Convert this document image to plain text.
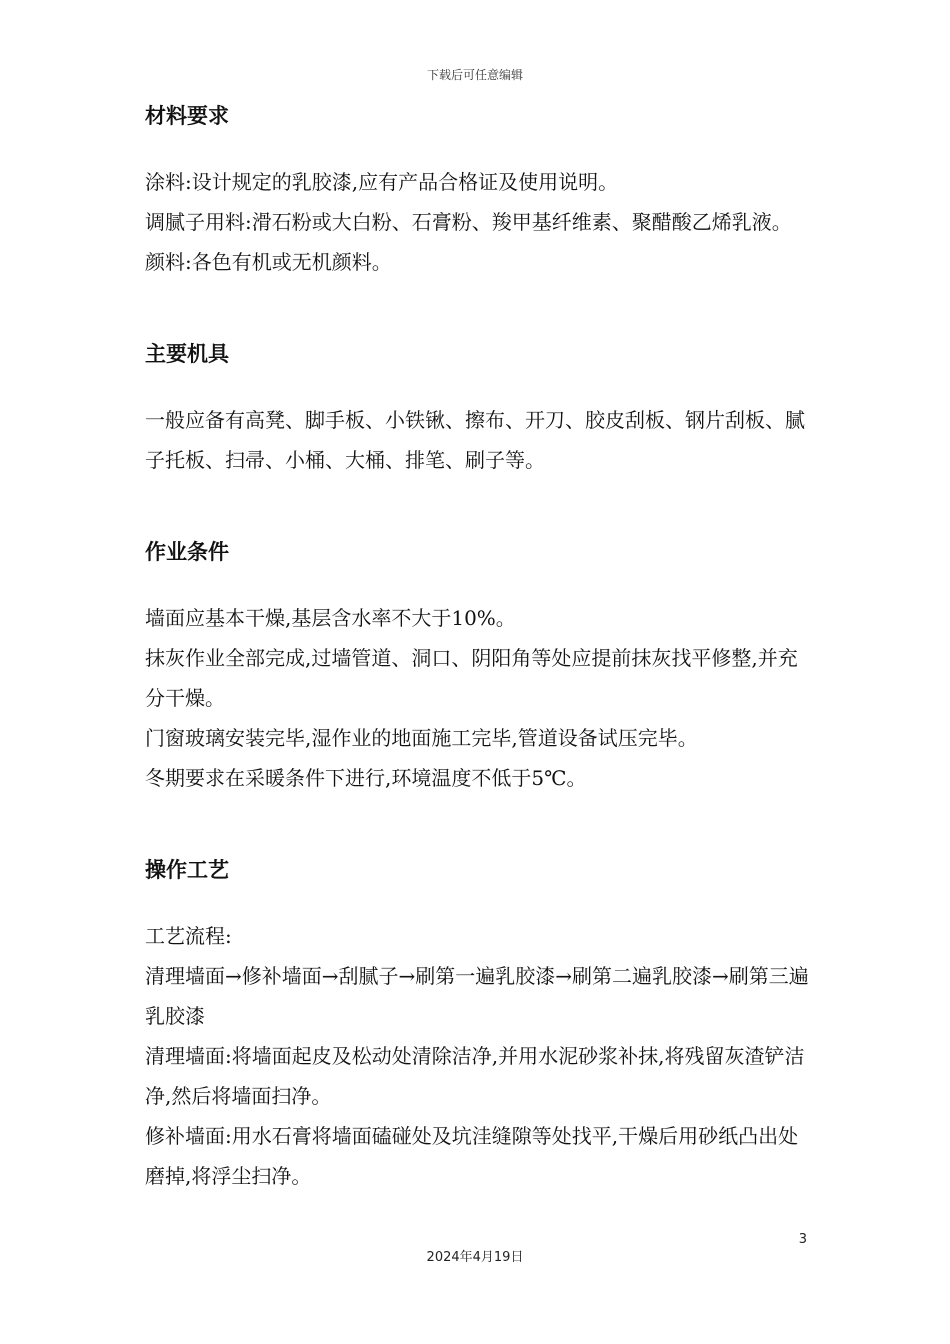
下载后可任意编辑
材料要求

涂料:设计规定的乳胶漆,应有产品合格证及使用说明。

调腻子用料:滑石粉或大白粉、石膏粉、羧甲基纤维素、聚醋酸乙烯乳液。

颜料:各色有机或无机颜料。

主要机具

一般应备有高凳、脚手板、小铁锹、擦布、开刀、胶皮刮板、钢片刮板、腻子托板、扫帚、小桶、大桶、排笔、刷子等。

作业条件

墙面应基本干燥,基层含水率不大于10%。

抹灰作业全部完成,过墙管道、洞口、阴阳角等处应提前抹灰找平修整,并充分干燥。

门窗玻璃安装完毕,湿作业的地面施工完毕,管道设备试压完毕。

冬期要求在采暖条件下进行,环境温度不低于5℃。

操作工艺

工艺流程:

清理墙面→修补墙面→刮腻子→刷第一遍乳胶漆→刷第二遍乳胶漆→刷第三遍乳胶漆

清理墙面:将墙面起皮及松动处清除洁净,并用水泥砂浆补抹,将残留灰渣铲洁净,然后将墙面扫净。

修补墙面:用水石膏将墙面磕碰处及坑洼缝隙等处找平,干燥后用砂纸凸出处磨掉,将浮尘扫净。

3
2024年4月19日
